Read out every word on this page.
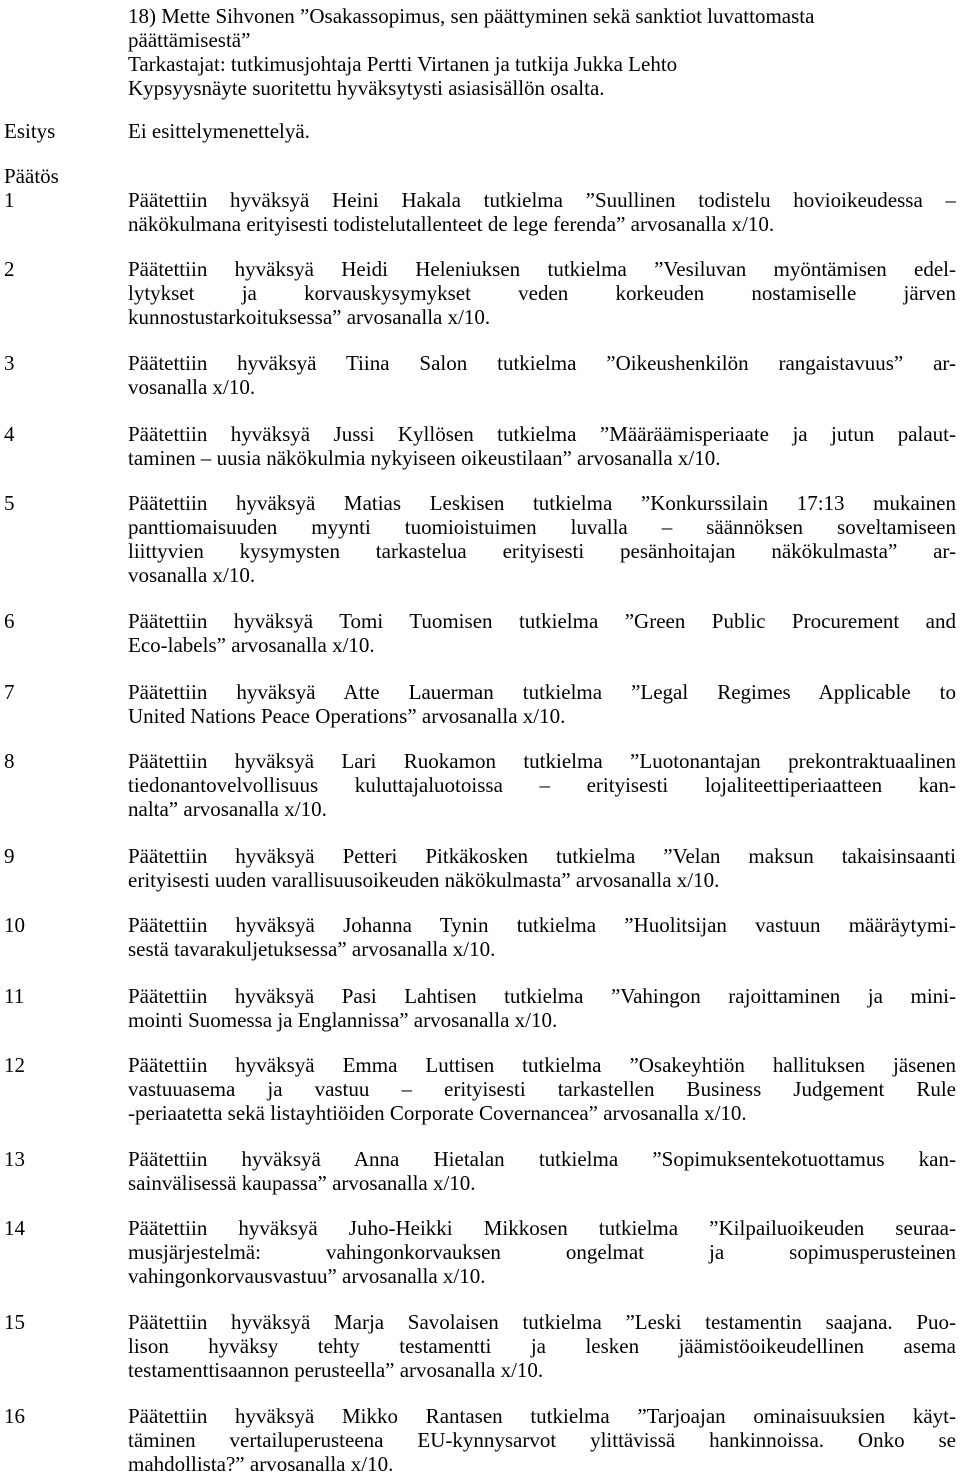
18) Mette Sihvonen ”Osakassopimus, sen päättyminen sekä sanktiot luvattomasta
päättämisestä”
Tarkastajat: tutkimusjohtaja Pertti Virtanen ja tutkija Jukka Lehto
Kypsyysnäyte suoritettu hyväksytysti asiasisällön osalta.
Esitys	Ei esittelymenettelyä.
Päätös
1	Päätettiin hyväksyä Heini Hakala tutkielma ”Suullinen todistelu hovioikeudessa –
näkökulmana erityisesti todistelutallenteet de lege ferenda” arvosanalla x/10.
2	Päätettiin hyväksyä Heidi Heleniuksen tutkielma ”Vesiluvan myöntämisen edel-
lytykset ja korvauskysymykset veden korkeuden nostamiselle järven
kunnostustarkoituksessa” arvosanalla x/10.
3	Päätettiin hyväksyä Tiina Salon tutkielma ”Oikeushenkilön rangaistavuus” ar-
vosanalla x/10.
4	Päätettiin hyväksyä Jussi Kyllösen tutkielma ”Määräämisperiaate ja jutun palaut-
taminen – uusia näkökulmia nykyiseen oikeustilaan” arvosanalla x/10.
5	Päätettiin hyväksyä Matias Leskisen tutkielma ”Konkurssilain 17:13 mukainen
panttiomaisuuden myynti tuomioistuimen luvalla – säännöksen soveltamiseen
liittyvien kysymysten tarkastelua erityisesti pesänhoitajan näkökulmasta” ar-
vosanalla x/10.
6	Päätettiin hyväksyä Tomi Tuomisen tutkielma ”Green Public Procurement and
Eco-labels” arvosanalla x/10.
7	Päätettiin hyväksyä Atte Lauerman tutkielma ”Legal Regimes Applicable to
United Nations Peace Operations” arvosanalla x/10.
8	Päätettiin hyväksyä Lari Ruokamon tutkielma ”Luotonantajan prekontraktuaalinen
tiedonantovelvollisuus kuluttajaluotoissa – erityisesti lojaliteettiperiaatteen kan-
nalta” arvosanalla x/10.
9	Päätettiin hyväksyä Petteri Pitkäkosken tutkielma ”Velan maksun takaisinsaanti
erityisesti uuden varallisuusoikeuden näkökulmasta” arvosanalla x/10.
10	Päätettiin hyväksyä Johanna Tynin tutkielma ”Huolitsijan vastuun määräytymi-
sestä tavarakuljetuksessa” arvosanalla x/10.
11	Päätettiin hyväksyä Pasi Lahtisen tutkielma ”Vahingon rajoittaminen ja mini-
mointi Suomessa ja Englannissa” arvosanalla x/10.
12	Päätettiin hyväksyä Emma Luttisen tutkielma ”Osakeyhtiön hallituksen jäsenen
vastuuasema ja vastuu – erityisesti tarkastellen Business Judgement Rule
-periaatetta sekä listayhtiöiden Corporate Covernancea” arvosanalla x/10.
13	Päätettiin hyväksyä Anna Hietalan tutkielma ”Sopimuksentekotuottamus kan-
sainvälisessä kaupassa” arvosanalla x/10.
14	Päätettiin hyväksyä Juho-Heikki Mikkosen tutkielma ”Kilpailuoikeuden seuraa-
musjärjestelmä: vahingonkorvauksen ongelmat ja sopimusperusteinen
vahingonkorvausvastuu” arvosanalla x/10.
15	Päätettiin hyväksyä Marja Savolaisen tutkielma ”Leski testamentin saajana. Puo-
lison hyväksy tehty testamentti ja lesken jäämistöoikeudellinen asema
testamenttisaannon perusteella” arvosanalla x/10.
16	Päätettiin hyväksyä Mikko Rantasen tutkielma ”Tarjoajan ominaisuuksien käyt-
täminen vertailuperusteena EU-kynnysarvot ylittävissä hankinnoissa. Onko se
mahdollista?” arvosanalla x/10.
